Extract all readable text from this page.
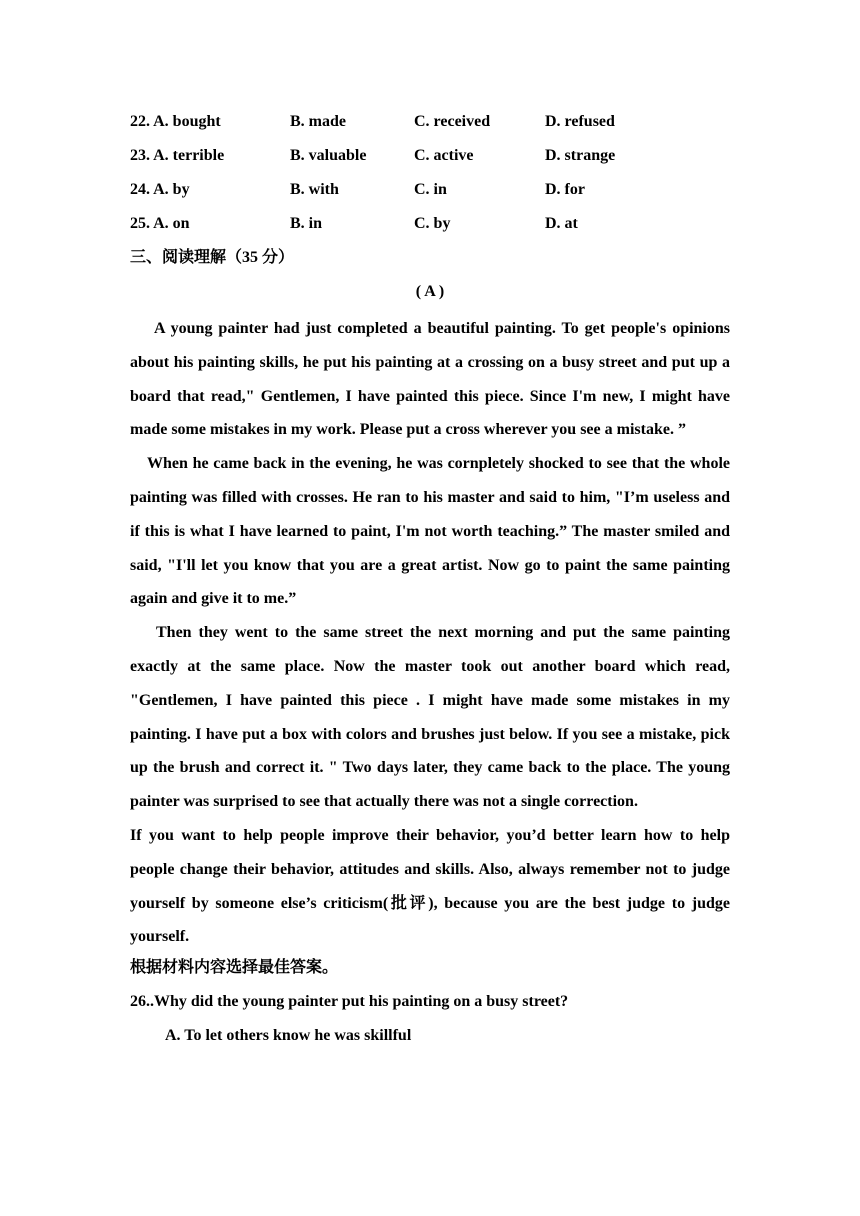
22. A. bought	B. made	C. received	D. refused
23. A. terrible	B. valuable	C. active	D. strange
24. A. by	B. with	C. in	D. for
25. A. on	B. in	C. by	D. at
三、阅读理解（35 分）
( A )

A young painter had just completed a beautiful painting. To get people's opinions about his painting skills, he put his painting at a crossing on a busy street and put up a board that read," Gentlemen, I have painted this piece. Since I'm new, I might have made some mistakes in my work. Please put a cross wherever you see a mistake. ”

When he came back in the evening, he was cornpletely shocked to see that the whole painting was filled with crosses. He ran to his master and said to him, "I’m useless and if this is what I have learned to paint, I'm not worth teaching.” The master smiled and said, "I'll let you know that you are a great artist. Now go to paint the same painting again and give it to me.”

Then they went to the same street the next morning and put the same painting exactly at the same place. Now the master took out another board which read, "Gentlemen, I have painted this piece . I might have made some mistakes in my painting. I have put a box with colors and brushes just below. If you see a mistake, pick up the brush and correct it. " Two days later, they came back to the place. The young painter was surprised to see that actually there was not a single correction.

If you want to help people improve their behavior, you’d better learn how to help people change their behavior, attitudes and skills. Also, always remember not to judge yourself by someone else’s criticism(批评), because you are the best judge to judge yourself.

根据材料内容选择最佳答案。
26..Why did the young painter put his painting on a busy street?
A. To let others know he was skillful
